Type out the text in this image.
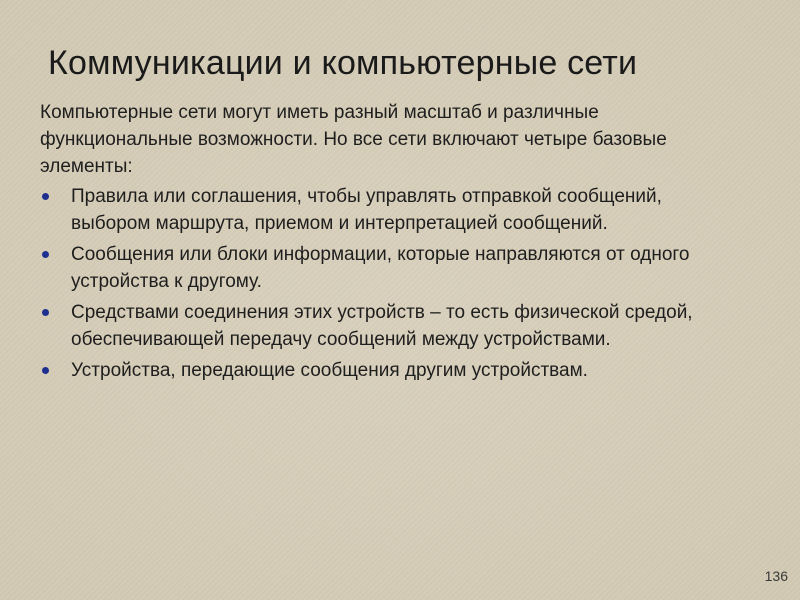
Коммуникации и компьютерные сети

Компьютерные сети могут иметь разный масштаб и различные функциональные возможности. Но все сети включают четыре базовые элементы:

Правила или соглашения, чтобы управлять отправкой сообщений, выбором маршрута, приемом и интерпретацией сообщений.
Сообщения или блоки информации, которые направляются от одного устройства к другому.
Средствами соединения этих устройств – то есть физической средой, обеспечивающей передачу сообщений между устройствами.
Устройства, передающие сообщения другим устройствам.
136
